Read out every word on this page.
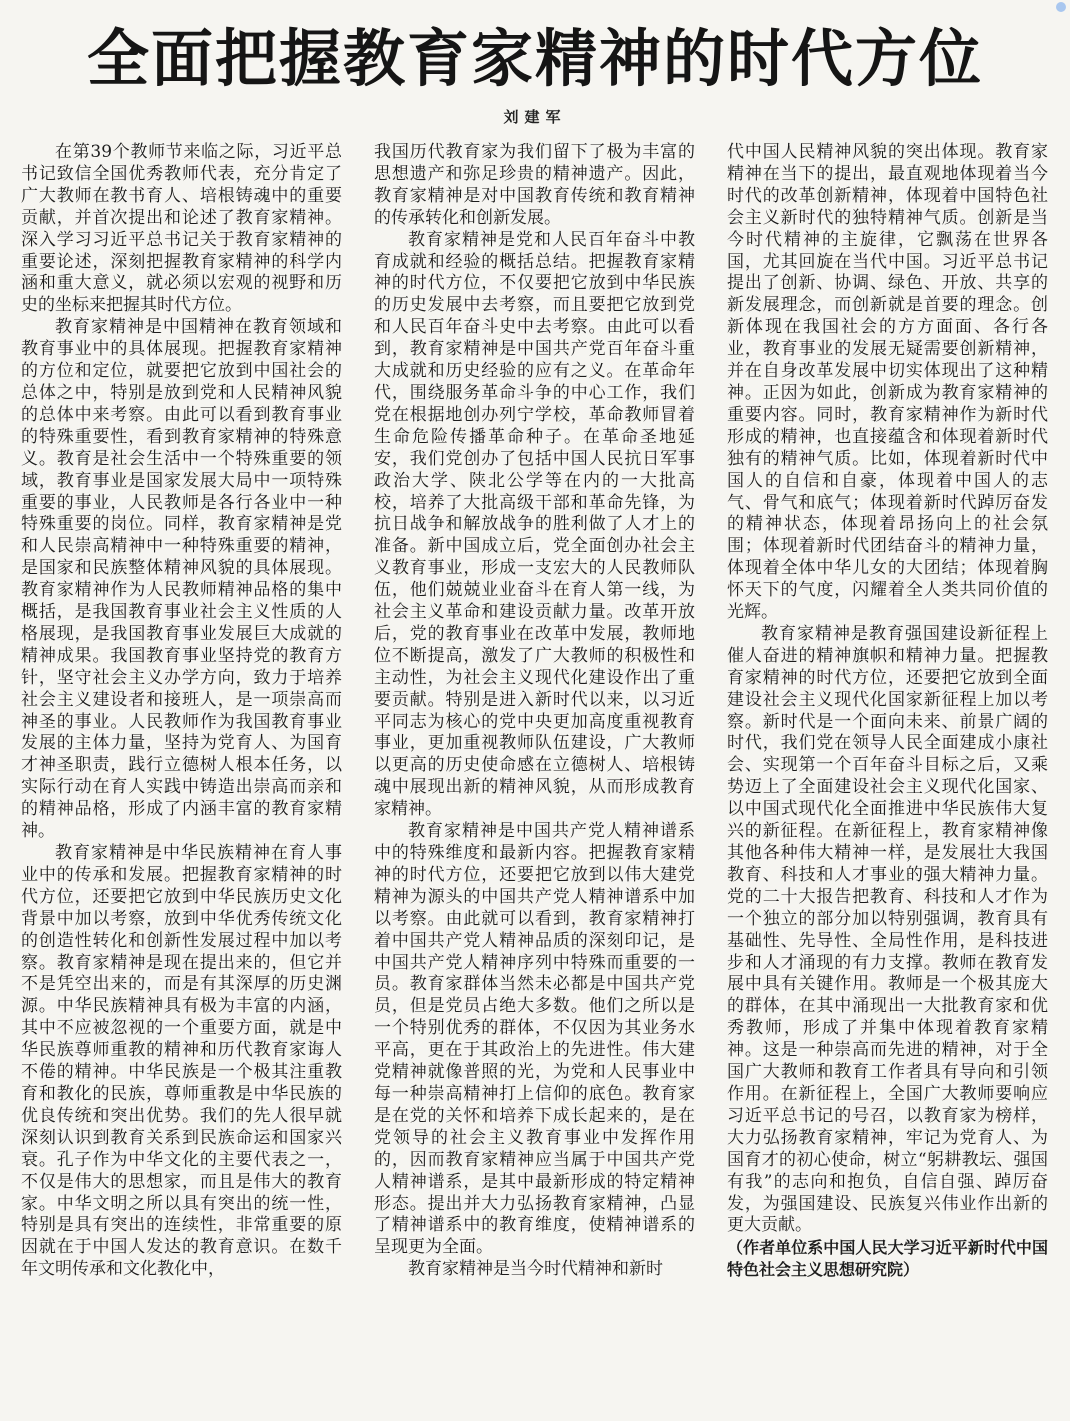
全面把握教育家精神的时代方位
刘建军

在第39个教师节来临之际，习近平总书记致信全国优秀教师代表，充分肯定了广大教师在教书育人、培根铸魂中的重要贡献，并首次提出和论述了教育家精神。深入学习习近平总书记关于教育家精神的重要论述，深刻把握教育家精神的科学内涵和重大意义，就必须以宏观的视野和历史的坐标来把握其时代方位。

教育家精神是中国精神在教育领域和教育事业中的具体展现。把握教育家精神的方位和定位，就要把它放到中国社会的总体之中，特别是放到党和人民精神风貌的总体中来考察。由此可以看到教育事业的特殊重要性，看到教育家精神的特殊意义。教育是社会生活中一个特殊重要的领域，教育事业是国家发展大局中一项特殊重要的事业，人民教师是各行各业中一种特殊重要的岗位。同样，教育家精神是党和人民崇高精神中一种特殊重要的精神，是国家和民族整体精神风貌的具体展现。教育家精神作为人民教师精神品格的集中概括，是我国教育事业社会主义性质的人格展现，是我国教育事业发展巨大成就的精神成果。我国教育事业坚持党的教育方针，坚守社会主义办学方向，致力于培养社会主义建设者和接班人，是一项崇高而神圣的事业。人民教师作为我国教育事业发展的主体力量，坚持为党育人、为国育才神圣职责，践行立德树人根本任务，以实际行动在育人实践中铸造出崇高而亲和的精神品格，形成了内涵丰富的教育家精神。

教育家精神是中华民族精神在育人事业中的传承和发展。把握教育家精神的时代方位，还要把它放到中华民族历史文化背景中加以考察，放到中华优秀传统文化的创造性转化和创新性发展过程中加以考察。教育家精神是现在提出来的，但它并不是凭空出来的，而是有其深厚的历史渊源。中华民族精神具有极为丰富的内涵，其中不应被忽视的一个重要方面，就是中华民族尊师重教的精神和历代教育家诲人不倦的精神。中华民族是一个极其注重教育和教化的民族，尊师重教是中华民族的优良传统和突出优势。我们的先人很早就深刻认识到教育关系到民族命运和国家兴衰。孔子作为中华文化的主要代表之一，不仅是伟大的思想家，而且是伟大的教育家。中华文明之所以具有突出的统一性，特别是具有突出的连续性，非常重要的原因就在于中国人发达的教育意识。在数千年文明传承和文化教化中，

我国历代教育家为我们留下了极为丰富的思想遗产和弥足珍贵的精神遗产。因此，教育家精神是对中国教育传统和教育精神的传承转化和创新发展。

教育家精神是党和人民百年奋斗中教育成就和经验的概括总结。把握教育家精神的时代方位，不仅要把它放到中华民族的历史发展中去考察，而且要把它放到党和人民百年奋斗史中去考察。由此可以看到，教育家精神是中国共产党百年奋斗重大成就和历史经验的应有之义。在革命年代，围绕服务革命斗争的中心工作，我们党在根据地创办列宁学校，革命教师冒着生命危险传播革命种子。在革命圣地延安，我们党创办了包括中国人民抗日军事政治大学、陕北公学等在内的一大批高校，培养了大批高级干部和革命先锋，为抗日战争和解放战争的胜利做了人才上的准备。新中国成立后，党全面创办社会主义教育事业，形成一支宏大的人民教师队伍，他们兢兢业业奋斗在育人第一线，为社会主义革命和建设贡献力量。改革开放后，党的教育事业在改革中发展，教师地位不断提高，激发了广大教师的积极性和主动性，为社会主义现代化建设作出了重要贡献。特别是进入新时代以来，以习近平同志为核心的党中央更加高度重视教育事业，更加重视教师队伍建设，广大教师以更高的历史使命感在立德树人、培根铸魂中展现出新的精神风貌，从而形成教育家精神。

教育家精神是中国共产党人精神谱系中的特殊维度和最新内容。把握教育家精神的时代方位，还要把它放到以伟大建党精神为源头的中国共产党人精神谱系中加以考察。由此就可以看到，教育家精神打着中国共产党人精神品质的深刻印记，是中国共产党人精神序列中特殊而重要的一员。教育家群体当然未必都是中国共产党员，但是党员占绝大多数。他们之所以是一个特别优秀的群体，不仅因为其业务水平高，更在于其政治上的先进性。伟大建党精神就像普照的光，为党和人民事业中每一种崇高精神打上信仰的底色。教育家是在党的关怀和培养下成长起来的，是在党领导的社会主义教育事业中发挥作用的，因而教育家精神应当属于中国共产党人精神谱系，是其中最新形成的特定精神形态。提出并大力弘扬教育家精神，凸显了精神谱系中的教育维度，使精神谱系的呈现更为全面。

教育家精神是当今时代精神和新时

代中国人民精神风貌的突出体现。教育家精神在当下的提出，最直观地体现着当今时代的改革创新精神，体现着中国特色社会主义新时代的独特精神气质。创新是当今时代精神的主旋律，它飘荡在世界各国，尤其回旋在当代中国。习近平总书记提出了创新、协调、绿色、开放、共享的新发展理念，而创新就是首要的理念。创新体现在我国社会的方方面面、各行各业，教育事业的发展无疑需要创新精神，并在自身改革发展中切实体现出了这种精神。正因为如此，创新成为教育家精神的重要内容。同时，教育家精神作为新时代形成的精神，也直接蕴含和体现着新时代独有的精神气质。比如，体现着新时代中国人的自信和自豪，体现着中国人的志气、骨气和底气；体现着新时代踔厉奋发的精神状态，体现着昂扬向上的社会氛围；体现着新时代团结奋斗的精神力量，体现着全体中华儿女的大团结；体现着胸怀天下的气度，闪耀着全人类共同价值的光辉。

教育家精神是教育强国建设新征程上催人奋进的精神旗帜和精神力量。把握教育家精神的时代方位，还要把它放到全面建设社会主义现代化国家新征程上加以考察。新时代是一个面向未来、前景广阔的时代，我们党在领导人民全面建成小康社会、实现第一个百年奋斗目标之后，又乘势迈上了全面建设社会主义现代化国家、以中国式现代化全面推进中华民族伟大复兴的新征程。在新征程上，教育家精神像其他各种伟大精神一样，是发展壮大我国教育、科技和人才事业的强大精神力量。党的二十大报告把教育、科技和人才作为一个独立的部分加以特别强调，教育具有基础性、先导性、全局性作用，是科技进步和人才涌现的有力支撑。教师在教育发展中具有关键作用。教师是一个极其庞大的群体，在其中涌现出一大批教育家和优秀教师，形成了并集中体现着教育家精神。这是一种崇高而先进的精神，对于全国广大教师和教育工作者具有导向和引领作用。在新征程上，全国广大教师要响应习近平总书记的号召，以教育家为榜样，大力弘扬教育家精神，牢记为党育人、为国育才的初心使命，树立“躬耕教坛、强国有我”的志向和抱负，自信自强、踔厉奋发，为强国建设、民族复兴伟业作出新的更大贡献。

（作者单位系中国人民大学习近平新时代中国特色社会主义思想研究院）
